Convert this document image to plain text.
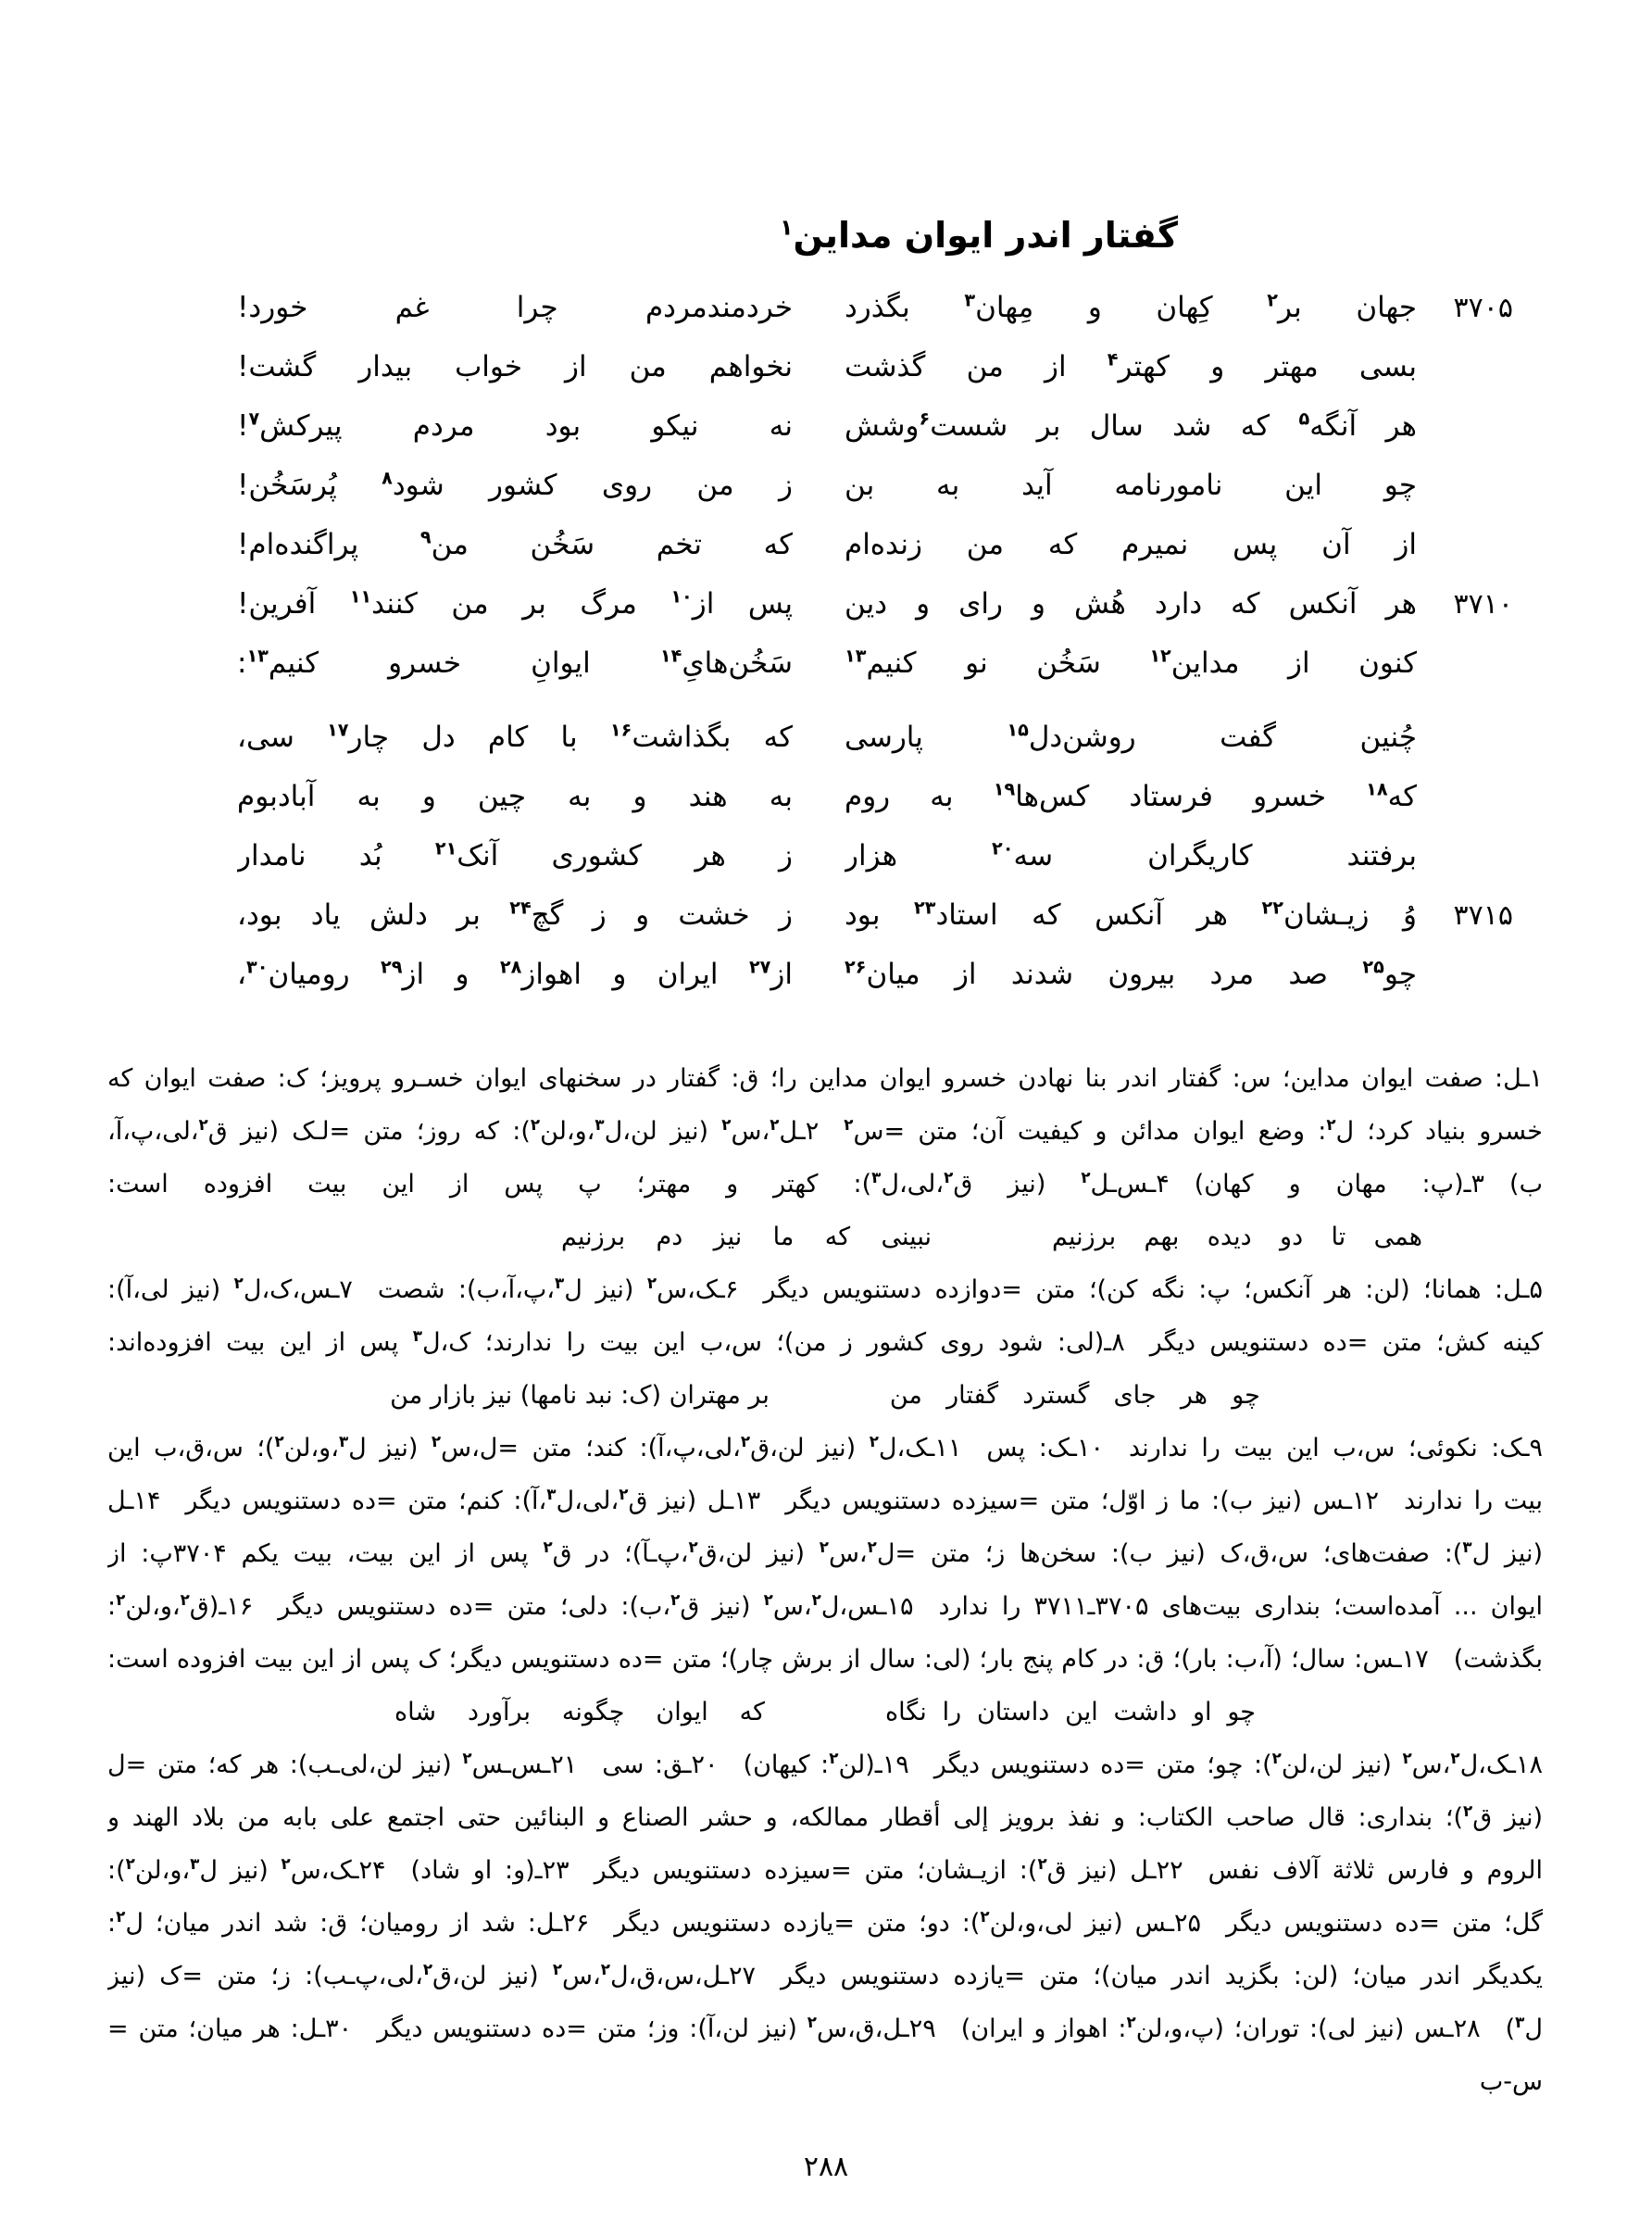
گفتار اندر ایوان مداین$^۱$
۳۷۰۵
جهان بر$^۲$ کِهان و مِهان$^۳$ بگذرد
خردمندمردم چرا غم خورد!
بسی مهتر و کهتر$^۴$ از من گذشت
نخواهم من از خواب بیدار گشت!
هر آنگه$^۵$ که شد سال بر شست$^۶$وشش
نه نیکو بود مردم پیرکش$^۷$!
چو این نامورنامه آید به بن
ز من روی کشور شود$^۸$ پُرسَخُن!
از آن پس نمیرم که من زنده‌ام
که تخم سَخُن من$^۹$ پراگنده‌ام!
۳۷۱۰
هر آنکس که دارد هُش و رای و دین
پس از$^{۱۰}$ مرگ بر من کنند$^{۱۱}$ آفرین!
کنون از مداین$^{۱۲}$ سَخُن نو کنیم$^{۱۳}$
سَخُن‌هایِ$^{۱۴}$ ایوانِ خسرو کنیم$^{۱۳}$:
چُنین گفت روشن‌دل$^{۱۵}$ پارسی
که بگذاشت$^{۱۶}$ با کام دل چار$^{۱۷}$ سی،
که$^{۱۸}$ خسرو فرستاد کس‌ها$^{۱۹}$ به روم
به هند و به چین و به آبادبوم
برفتند کاریگران سه$^{۲۰}$ هزار
ز هر کشوری آنک$^{۲۱}$ بُد نامدار
۳۷۱۵
وُ زیـشان$^{۲۲}$ هر آنکس که استاد$^{۲۳}$ بود
ز خشت و ز گچ$^{۲۴}$ بر دلش یاد بود،
چو$^{۲۵}$ صد مرد بیرون شدند از میان$^{۲۶}$
از$^{۲۷}$ ایران و اهواز$^{۲۸}$ و از$^{۲۹}$ رومیان$^{۳۰}$،
۱ـل: صفت ایوان مداین؛ س: گفتار اندر بنا نهادن خسرو ایوان مداین را؛ ق: گفتار در سخنهای ایوان خسـرو پرویز؛ ک: صفت ایوان که
خسرو بنیاد کرد؛ ل$^۲$: وضع ایوان مدائن و کیفیت آن؛ متن =س$^۲$  ۲ـل$^۲$،س$^۲$ (نیز لن،ل$^۳$،و،لن$^۲$): که روز؛ متن =لـک (نیز ق$^۲$،لی،پ،آ،
ب)  ۳ـ(پ: مهان و کهان)  ۴ـس‌ـل$^۲$ (نیز ق$^۲$،لی،ل$^۳$): کهتر و مهتر؛ پ پس از این بیت افزوده است:
همی تا دو دیده بهم برزنیم
نبینی که ما نیز دم برزنیم
۵ـل: همانا؛ (لن: هر آنکس؛ پ: نگه کن)؛ متن =دوازده دستنویس دیگر  ۶ـک،س$^۲$ (نیز ل$^۳$،پ،آ،ب): شصت  ۷ـس،ک،ل$^۲$ (نیز لی،آ):
کینه کش؛ متن =ده دستنویس دیگر  ۸ـ(لی: شود روی کشور ز من)؛ س،ب این بیت را ندارند؛ ک،ل$^۳$ پس از این بیت افزوده‌اند:
چو هر جای گسترد گفتار من
بر مهتران (ک: نبد نامها) نیز بازار من
۹ـک: نکوئی؛ س،ب این بیت را ندارند  ۱۰ـک: پس  ۱۱ـک،ل$^۲$ (نیز لن،ق$^۲$،لی،پ،آ): کند؛ متن =ل،س$^۲$ (نیز ل$^۳$،و،لن$^۲$)؛ س،ق،ب این
بیت را ندارند  ۱۲ـس (نیز ب): ما ز اوّل؛ متن =سیزده دستنویس دیگر  ۱۳ـل (نیز ق$^۲$،لی،ل$^۳$،آ): کنم؛ متن =ده دستنویس دیگر  ۱۴ـل
(نیز ل$^۳$): صفت‌های؛ س،ق،ک (نیز ب): سخن‌ها ز؛ متن =ل$^۲$،س$^۲$ (نیز لن،ق$^۲$،پ‌ـآ)؛ در ق$^۲$ پس از این بیت، بیت یکم ۳۷۰۴پ: از
ایوان ... آمده‌است؛ بنداری بیت‌های ۳۷۰۵ـ۳۷۱۱ را ندارد  ۱۵ـس،ل$^۲$،س$^۲$ (نیز ق$^۲$،ب): دلی؛ متن =ده دستنویس دیگر  ۱۶ـ(ق$^۲$،و،لن$^۲$:
بگذشت)  ۱۷ـس: سال؛ (آ،ب: بار)؛ ق: در کام پنج بار؛ (لی: سال از برش چار)؛ متن =ده دستنویس دیگر؛ ک پس از این بیت افزوده است:
چو او داشت این داستان را نگاه
که ایوان چگونه برآورد شاه
۱۸ـک،ل$^۲$،س$^۲$ (نیز لن،لن$^۲$): چو؛ متن =ده دستنویس دیگر  ۱۹ـ(لن$^۲$: کیهان)  ۲۰ـق: سی  ۲۱ـس‌ـس$^۲$ (نیز لن،لی‌ـب): هر که؛ متن =ل
(نیز ق$^۲$)؛ بنداری: قال صاحب الکتاب: و نفذ برویز إلی أقطار ممالکه، و حشر الصناع و البنائین حتی اجتمع علی بابه من بلاد الهند و
الروم و فارس ثلاثة آلاف نفس  ۲۲ـل (نیز ق$^۲$): ازیـشان؛ متن =سیزده دستنویس دیگر  ۲۳ـ(و: او شاد)  ۲۴ـک،س$^۲$ (نیز ل$^۳$،و،لن$^۲$):
گل؛ متن =ده دستنویس دیگر  ۲۵ـس (نیز لی،و،لن$^۲$): دو؛ متن =یازده دستنویس دیگر  ۲۶ـل: شد از رومیان؛ ق: شد اندر میان؛ ل$^۲$:
یکدیگر اندر میان؛ (لن: بگزید اندر میان)؛ متن =یازده دستنویس دیگر  ۲۷ـل،س،ق،ل$^۲$،س$^۲$ (نیز لن،ق$^۲$،لی،پ‌ـب): ز؛ متن =ک (نیز
ل$^۳$)  ۲۸ـس (نیز لی): توران؛ (پ،و،لن$^۲$: اهواز و ایران)  ۲۹ـل،ق،س$^۲$ (نیز لن،آ): وز؛ متن =ده دستنویس دیگر  ۳۰ـل: هر میان؛ متن =
س-ب
۲۸۸
